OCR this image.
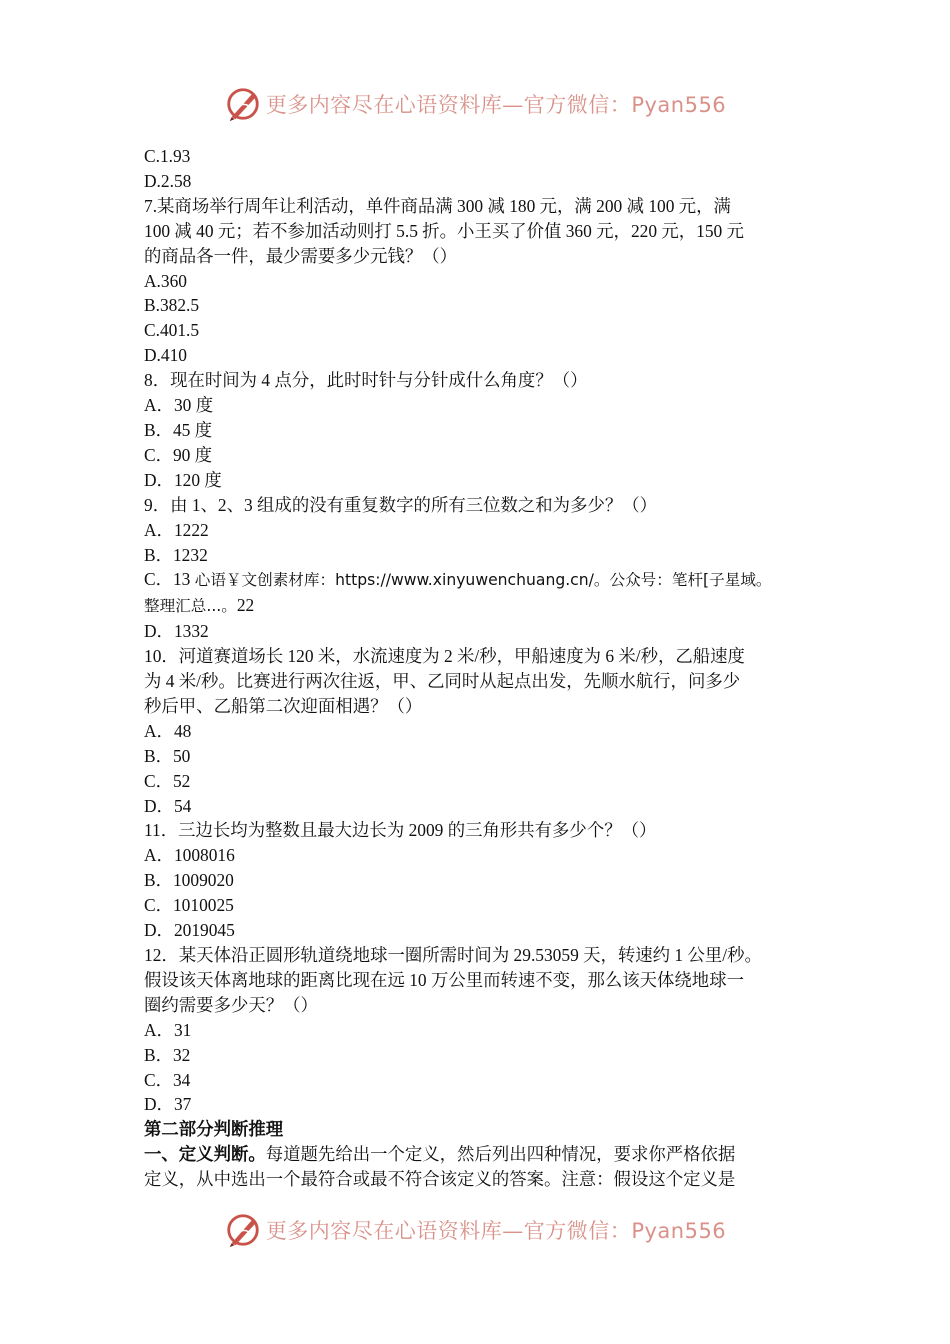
更多内容尽在心语资料库—官方微信：Pyan556
C.1.93
D.2.58
7.某商场举行周年让利活动，单件商品满 300 减 180 元，满 200 减 100 元，满
100 减 40 元；若不参加活动则打 5.5 折。小王买了价值 360 元，220 元，150 元
的商品各一件，最少需要多少元钱？（）
A.360
B.382.5
C.401.5
D.410
8．现在时间为 4 点分，此时时针与分针成什么角度？（）
A．30 度
B．45 度
C．90 度
D．120 度
9．由 1、2、3 组成的没有重复数字的所有三位数之和为多少？（）
A．1222
B．1232
C．13 心语￥文创素材库：https://www.xinyuwenchuang.cn/。公众号：笔杆[子星域。
整理汇总...。22
D．1332
10．河道赛道场长 120 米，水流速度为 2 米/秒，甲船速度为 6 米/秒，乙船速度
为 4 米/秒。比赛进行两次往返，甲、乙同时从起点出发，先顺水航行，问多少
秒后甲、乙船第二次迎面相遇？（）
A．48
B．50
C．52
D．54
11．三边长均为整数且最大边长为 2009 的三角形共有多少个？（）
A．1008016
B．1009020
C．1010025
D．2019045
12．某天体沿正圆形轨道绕地球一圈所需时间为 29.53059 天，转速约 1 公里/秒。
假设该天体离地球的距离比现在远 10 万公里而转速不变，那么该天体绕地球一
圈约需要多少天？（）
A．31
B．32
C．34
D．37
第二部分判断推理
一、定义判断。每道题先给出一个定义，然后列出四种情况，要求你严格依据
定义，从中选出一个最符合或最不符合该定义的答案。注意：假设这个定义是
更多内容尽在心语资料库—官方微信：Pyan556
